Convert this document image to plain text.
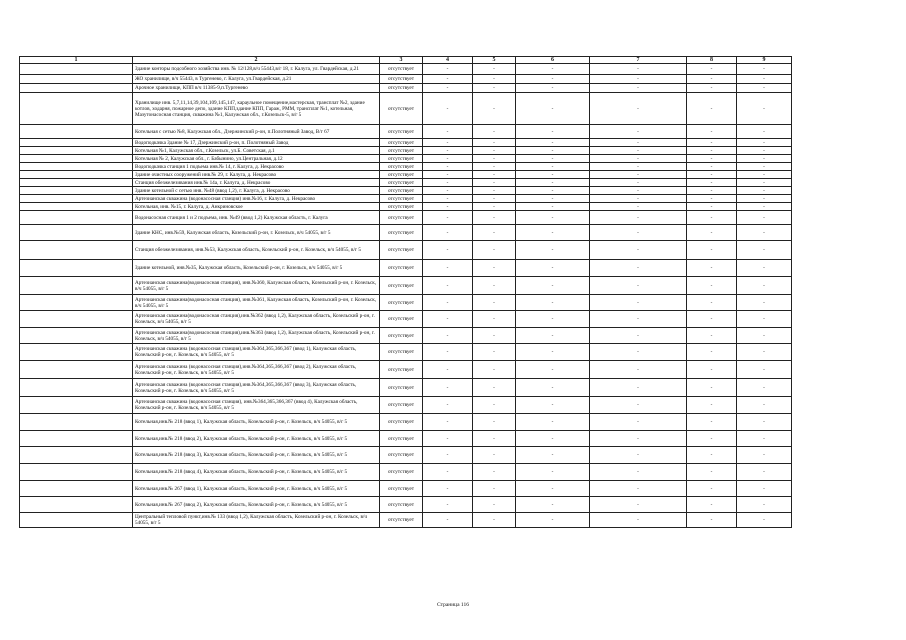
1	2	3	4	5	6	7	8	9
	Здание конторы подсобного хозяйства инв. № 12/128,в/ч 55443,в/г 18, г. Калуга, ул. Гвардейская, д.21	отсутствует	-	-	-	-	-	-
	ЖО хранилище, в/ч 55443, в Тургенево, г. Калуга, ул.Гвардейская, д.21	отсутствует	-	-	-	-	-	-
	Арочное хранилище, КПП в/ч 11385-9,п.Тургенево	отсутствует	-	-	-	-	-	-
	Хранилище инв. 5,7,11,14,39,104,109,145,147, караульное помещение,мастерская, трансплат №2, здание котлов, ходарня, пожарное депо, здание КПП,здание КПП, Гараж, РММ, трансплат №1, котельная, Мазутонасосная станция, скважина №1, Калужская обл., г.Козельск-5, в/г 5	отсутствует	-	-	-	-	-	-
	Котельная с сетью №8, Калужская обл., Дзержинский р-он, п.Полотняный Завод, В/г 67	отсутствует	-	-	-	-	-	-
	Водоподкачка Здание № 17, Дзержинский р-он, п. Полотняный Завод	отсутствует	-	-	-	-	-	-
	Котельная №1, Калужская обл., г.Козельск, ул.Б. Советская, д.1	отсутствует	-	-	-	-	-	-
	Котельная № 2, Калужская обл., г. Бабынино, ул.Центральная, д.12	отсутствует	-	-	-	-	-	-
	Водоподкачка станция 1 подъема инв.№ 14, г. Калуга, д. Некрасово	отсутствует	-	-	-	-	-	-
	Здание очистных сооружений инв.№ 29, г. Калуга, д. Некрасово	отсутствует	-	-	-	-	-	-
	Станция обезжелезивания инв.№ 14а, г. Калуга, д. Некрасово	отсутствует	-	-	-	-	-	-
	Здание котельной с сетью инв. №48 (ввод 1,2), г. Калуга, д. Некрасово	отсутствует	-	-	-	-	-	-
	Артезианская скважина (водонасосная станция) инв.№16, г. Калуга, д. Некрасово	отсутствует	-	-	-	-	-	-
	Котельная, инв. №15, г. Калуга, д. Анкриновское	отсутствует	-	-	-	-	-	-
	Водонасосная станция 1 и 2 подъема, инв. №49 (ввод 1,2) Калужская область, г. Калуга	отсутствует	-	-	-	-	-	-
	Здание КНС, инв.№59, Калужская область, Козельский р-он, г. Козельск, в/ч 54055, в/г 5	отсутствует	-	-	-	-	-	-
	Станция обезжелезивания, инв.№53, Калужская область, Козельский р-он, г. Козельск, в/ч 54055, в/г 5	отсутствует	-	-	-	-	-	-
	Здание котельной, инв.№35, Калужская область, Козельский р-он, г. Козельск, в/ч 54055, в/г 5	отсутствует	-	-	-	-	-	-
	Артезианская скважина(водонасосная станция), инв.№360, Калужская область, Козельский р-он, г. Козельск, в/ч 54055, в/г 5	отсутствует	-	-	-	-	-	-
	Артезианская скважина(водонасосная станция), инв.№361, Калужская область, Козельский р-он, г. Козельск, в/ч 54055, в/г 5	отсутствует	-	-	-	-	-	-
	Артезианская скважина(водонасосная станция),инв.№362 (ввод 1,2), Калужская область, Козельский р-он, г. Козельск, в/ч 54055, в/г 5	отсутствует	-	-	-	-	-	-
	Артезианская скважина(водонасосная станция),инв.№363 (ввод 1,2), Калужская область, Козельский р-он, г. Козельск, в/ч 54055, в/г 5	отсутствует	-	-	-	-	-	-
	Артезианская скважина (водонасосная станция),инв.№364,365,366,367 (ввод 1), Калужская область, Козельский р-он, г. Козельск, в/ч 54055, в/г 5	отсутствует	-	-	-	-	-	-
	Артезианская скважина (водонасосная станция),инв.№364,365,366,367 (ввод 2), Калужская область, Козельский р-он, г. Козельск, в/ч 54055, в/г 5	отсутствует	-	-	-	-	-	-
	Артезианская скважина (водонасосная станция),инв.№364,365,366,367 (ввод 3), Калужская область, Козельский р-он, г. Козельск, в/ч 54055, в/г 5	отсутствует	-	-	-	-	-	-
	Артезианская скважина (водонасосная станция), инв.№364,365,366,367 (ввод 4), Калужская область, Козельский р-он, г. Козельск, в/ч 54055, в/г 5	отсутствует	-	-	-	-	-	-
	Котельная,инв.№ 218 (ввод 1), Калужская область, Козельский р-он, г. Козельск, в/ч 54055, в/г 5	отсутствует	-	-	-	-	-	-
	Котельная,инв.№ 218 (ввод 2), Калужская область, Козельский р-он, г. Козельск, в/ч 54055, в/г 5	отсутствует	-	-	-	-	-	-
	Котельная,инв.№ 218 (ввод 3), Калужская область, Козельский р-он, г. Козельск, в/ч 54055, в/г 5	отсутствует	-	-	-	-	-	-
	Котельная,инв.№ 218 (ввод 4), Калужская область, Козельский р-он, г. Козельск, в/ч 54055, в/г 5	отсутствует	-	-	-	-	-	-
	Котельная,инв.№ 267 (ввод 1), Калужская область, Козельский р-он, г. Козельск, в/ч 54055, в/г 5	отсутствует	-	-	-	-	-	-
	Котельная,инв.№ 267 (ввод 2), Калужская область, Козельский р-он, г. Козельск, в/ч 54055, в/г 5	отсутствует	-	-	-	-	-	-
	Центральный тепловой пункт,инв.№ 133 (ввод 1,2), Калужская область, Козельский р-он, г. Козельск, в/ч 54055, в/г 5	отсутствует	-	-	-	-	-	-
Страница 116
